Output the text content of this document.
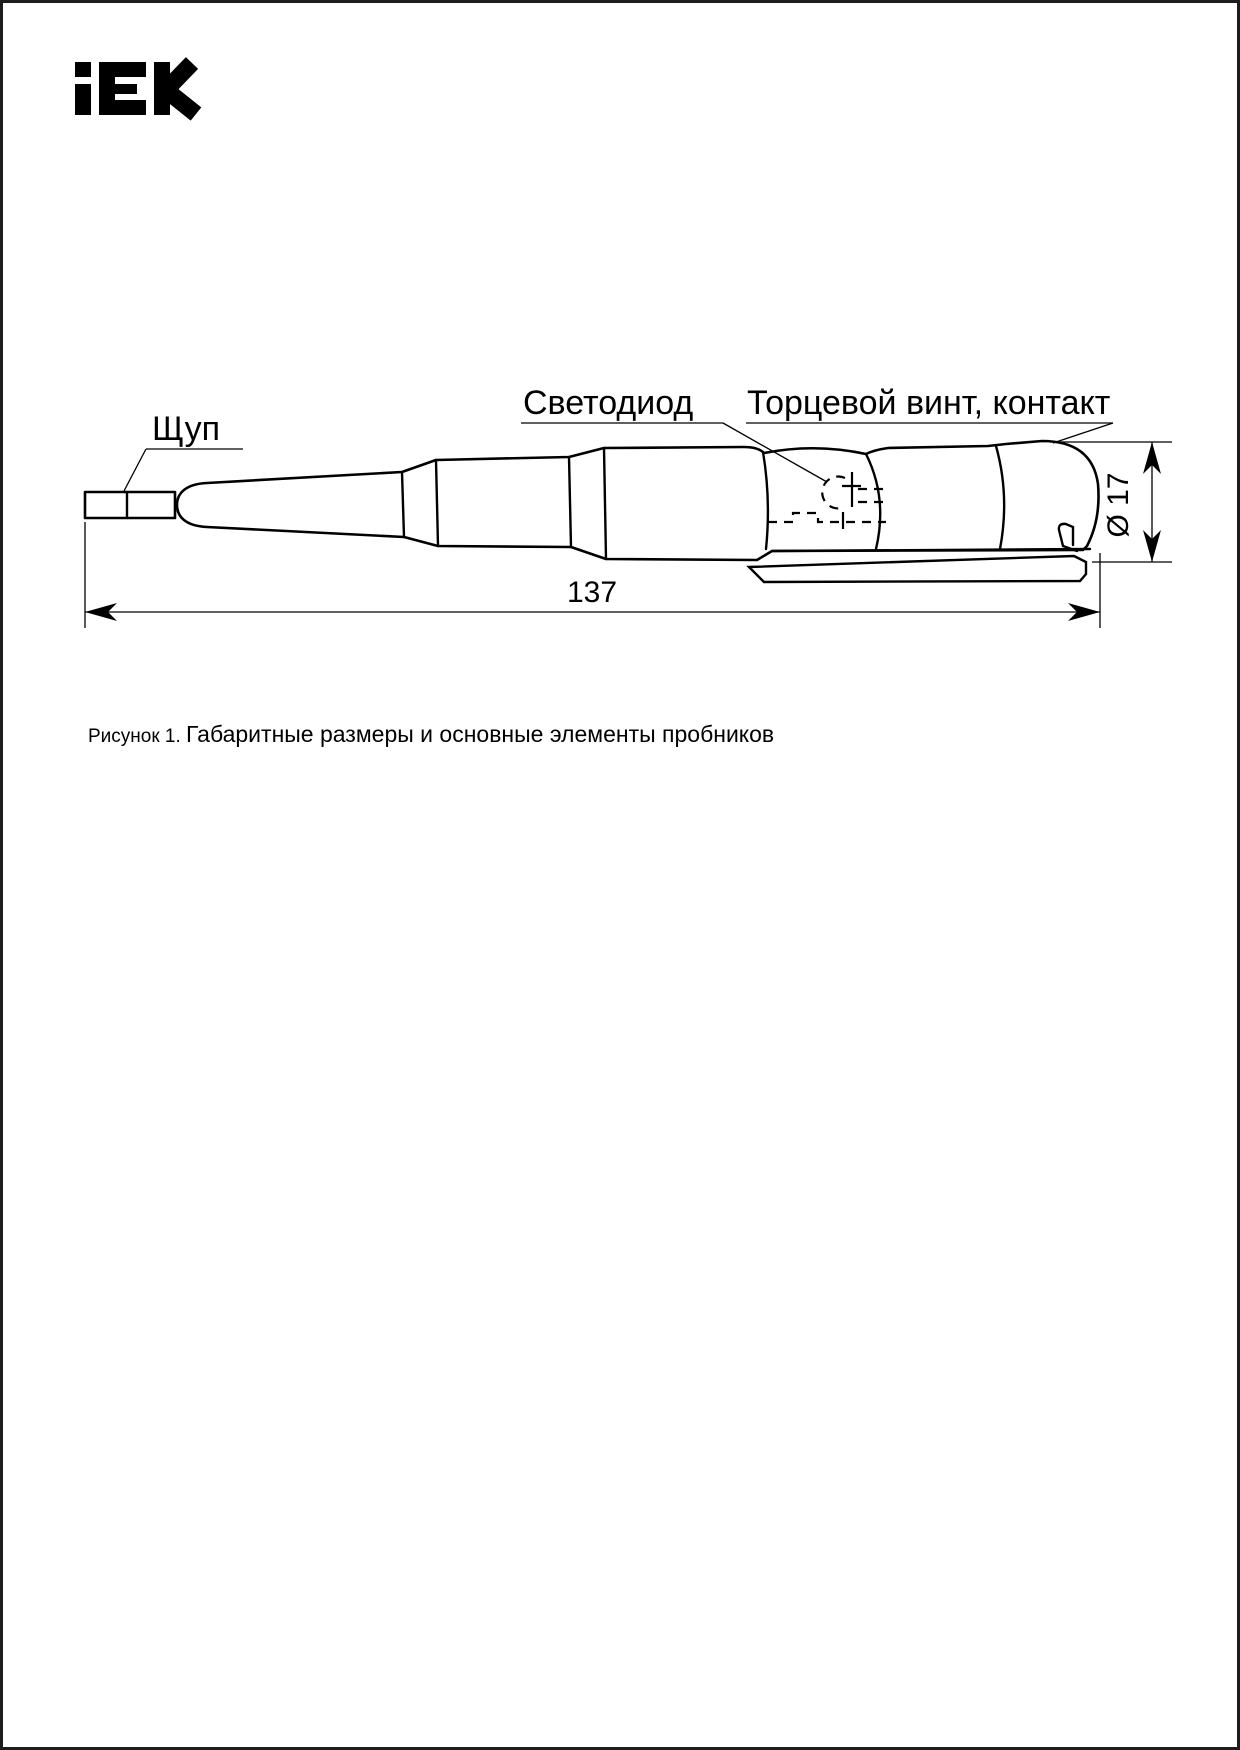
Щуп
Светодиод Торцевой винт, контакт
137
Ø 17
Рисунок 1. Габаритные размеры и основные элементы пробников
